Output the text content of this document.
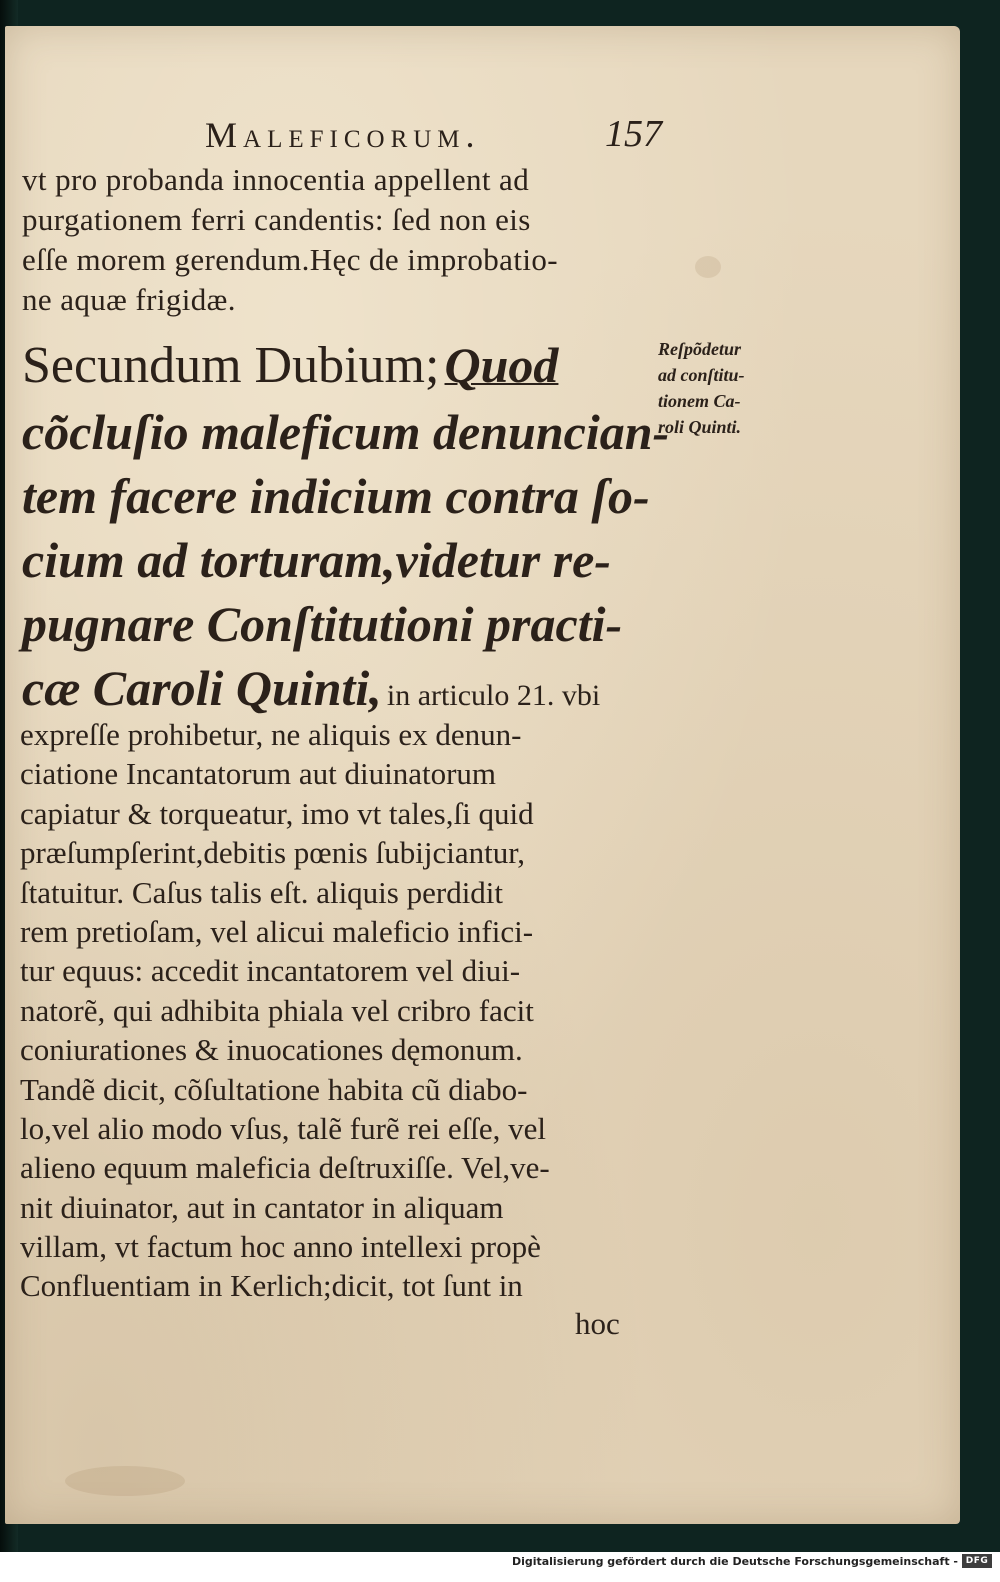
Maleficorum.	157
vt pro probanda innocentia appellent ad
purgationem ferri candentis: ſed non eis
eſſe morem gerendum.Hęc de improbatio-
ne aquæ frigidæ.
Secundum Dubium; Quod
cõcluſio maleficum denuncian-
tem facere indicium contra ſo-
cium ad torturam,videtur re-
pugnare Conſtitutioni practi-
cæ Caroli Quinti, in articulo 21. vbi
expreſſe prohibetur, ne aliquis ex denun-
ciatione Incantatorum aut diuinatorum
capiatur & torqueatur, imo vt tales,ſi quid
præſumpſerint,debitis pœnis ſubijciantur,
ſtatuitur. Caſus talis eſt. aliquis perdidit
rem pretioſam, vel alicui maleficio infici-
tur equus: accedit incantatorem vel diui-
natorẽ, qui adhibita phiala vel cribro facit
coniurationes & inuocationes dęmonum.
Tandẽ dicit, cõſultatione habita cũ diabo-
lo,vel alio modo vſus, talẽ furẽ rei eſſe, vel
alieno equum maleficia deſtruxiſſe. Vel,ve-
nit diuinator, aut in cantator in aliquam
villam, vt factum hoc anno intellexi propè
Confluentiam in Kerlich;dicit, tot ſunt in
hoc
Reſpõdetur
ad conſtitu-
tionem Ca-
roli Quinti.
Digitalisierung gefördert durch die Deutsche Forschungsgemeinschaft - DFG
